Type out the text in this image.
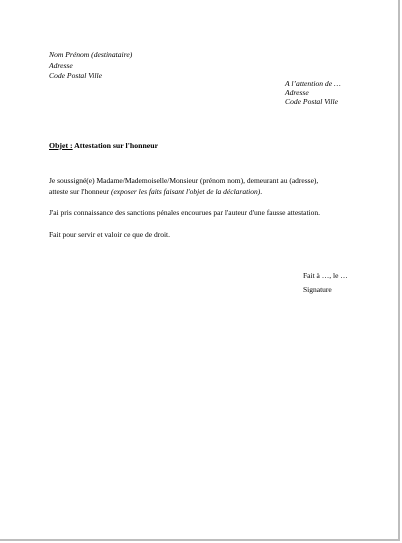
Nom Prénom (destinataire)
Adresse
Code Postal Ville
A l’attention de …
Adresse
Code Postal Ville
Objet : Attestation sur l'honneur

Je soussigné(e) Madame/Mademoiselle/Monsieur (prénom nom), demeurant au (adresse),
atteste sur l'honneur (exposer les faits faisant l'objet de la déclaration).

J'ai pris connaissance des sanctions pénales encourues par l'auteur d'une fausse attestation.

Fait pour servir et valoir ce que de droit.

Fait à …, le …
Signature
